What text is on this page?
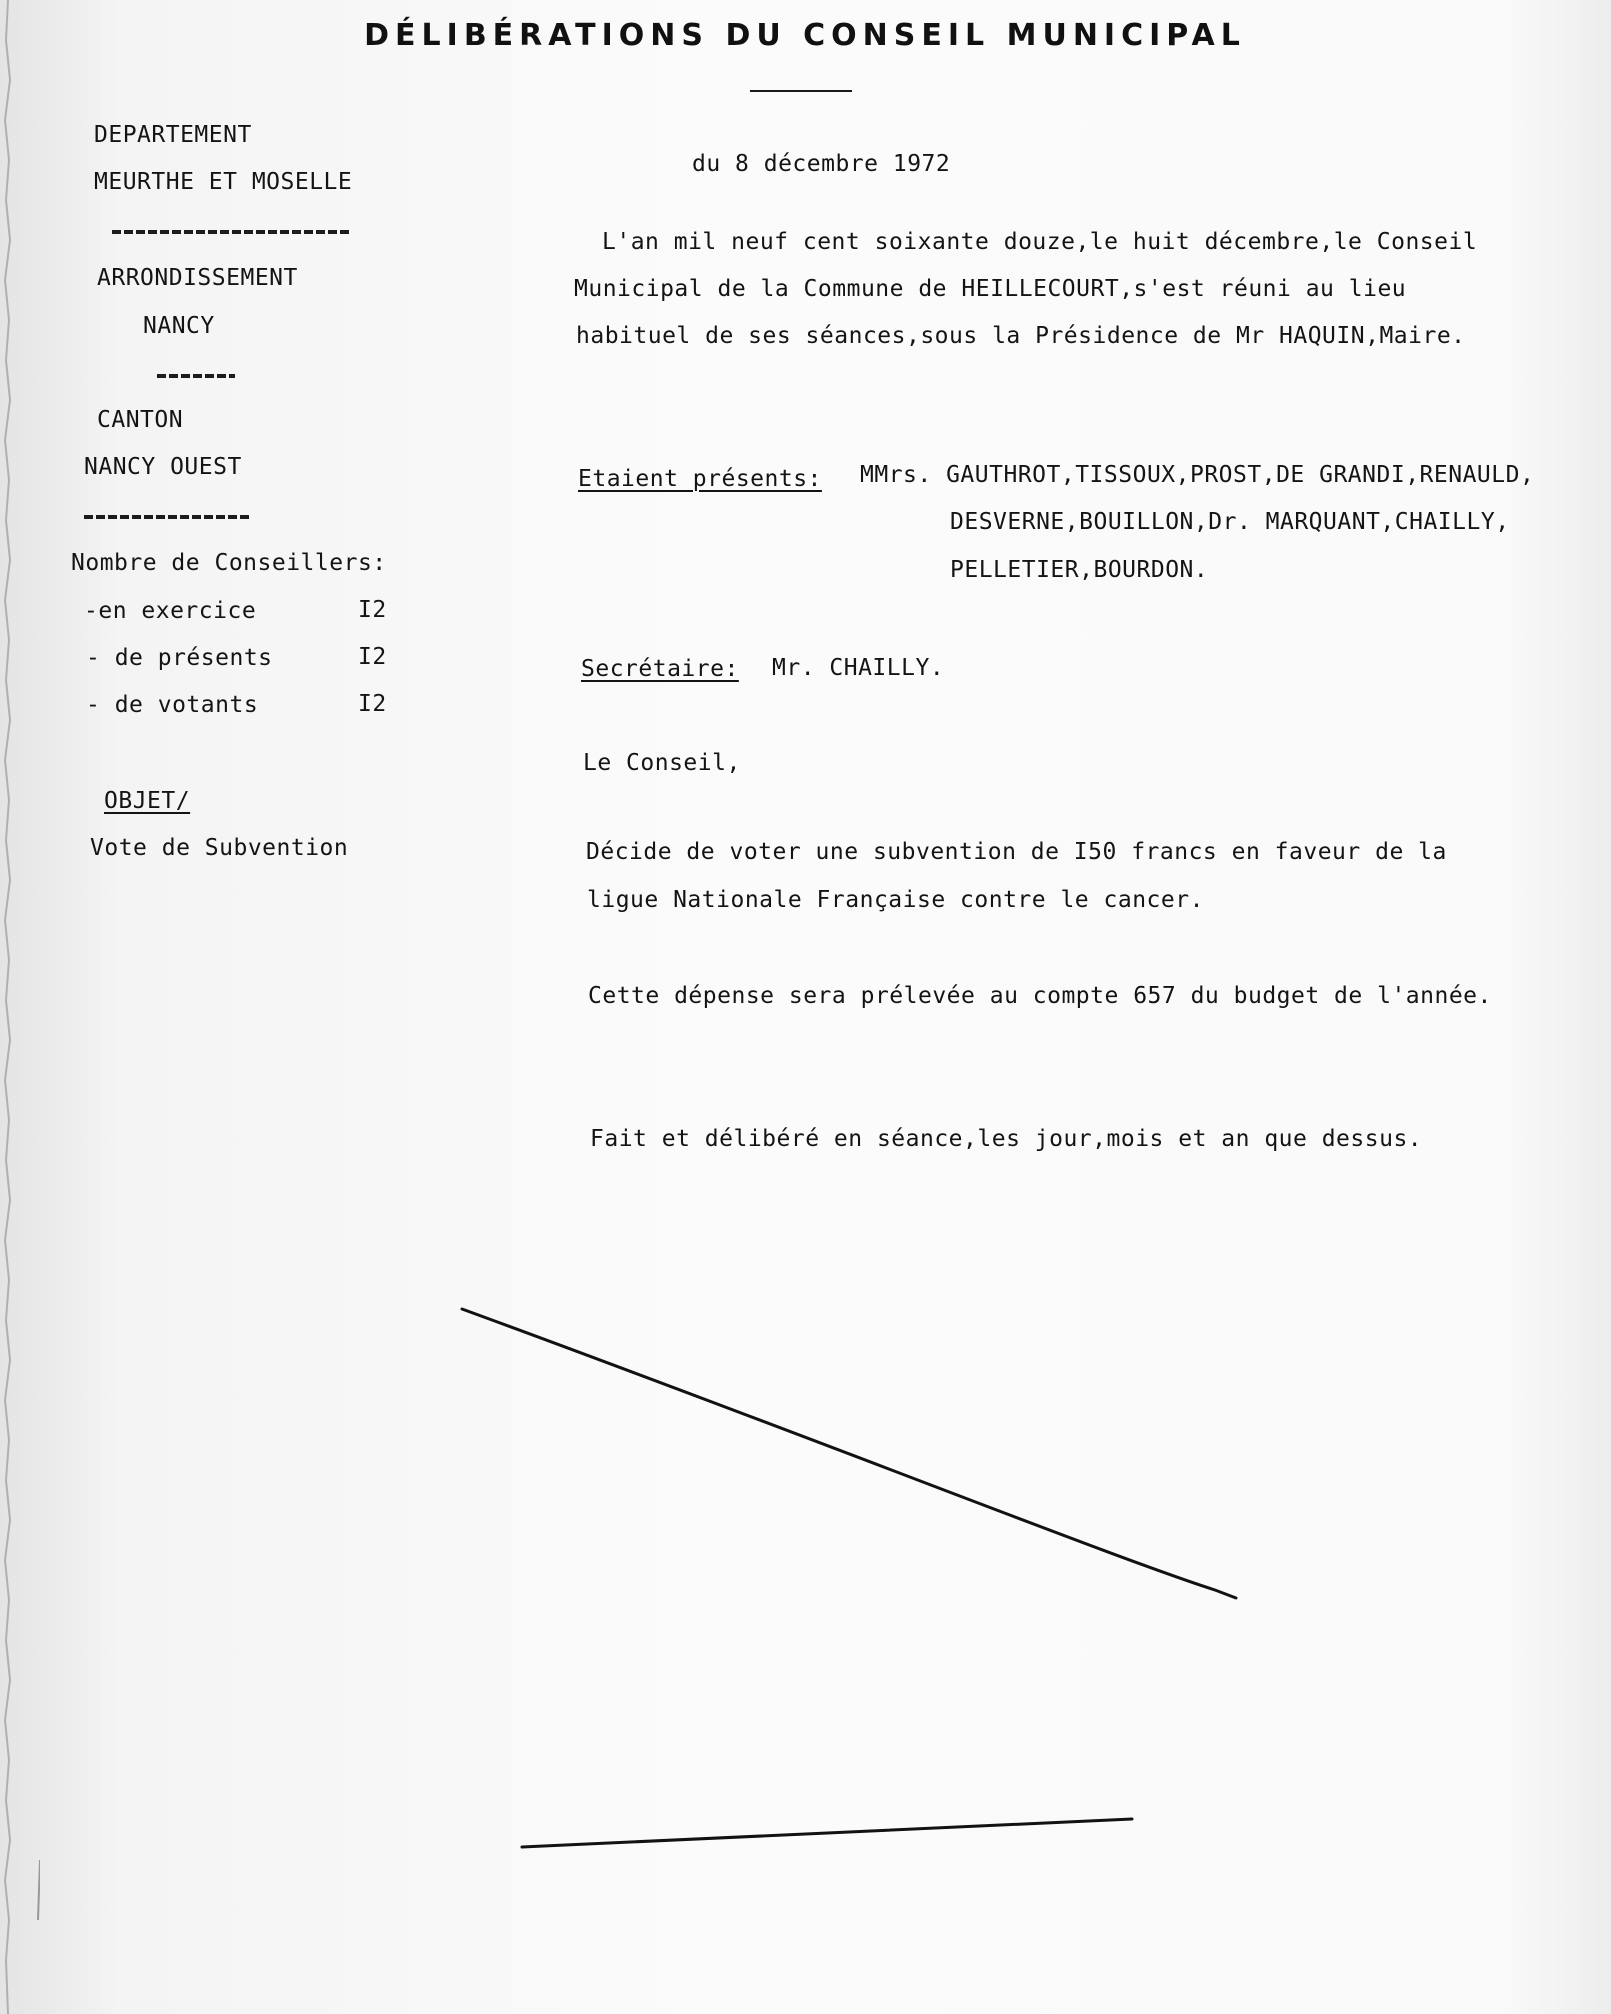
DÉLIBÉRATIONS DU CONSEIL MUNICIPAL
DEPARTEMENT
MEURTHE ET MOSELLE
ARRONDISSEMENT
NANCY
CANTON
NANCY OUEST
Nombre de Conseillers:
-en exercice	I2
- de présents	I2
- de votants	I2
OBJET/
Vote de Subvention
du 8 décembre 1972
L'an mil neuf cent soixante douze,le huit décembre,le Conseil
Municipal de la Commune de HEILLECOURT,s'est réuni au lieu
habituel de ses séances,sous la Présidence de Mr HAQUIN,Maire.
Etaient présents: MMrs. GAUTHROT,TISSOUX,PROST,DE GRANDI,RENAULD,
DESVERNE,BOUILLON,Dr. MARQUANT,CHAILLY,
PELLETIER,BOURDON.
Secrétaire: Mr. CHAILLY.
Le Conseil,
Décide de voter une subvention de I50 francs en faveur de la
ligue Nationale Française contre le cancer.
Cette dépense sera prélevée au compte 657 du budget de l'année.
Fait et délibéré en séance,les jour,mois et an que dessus.
